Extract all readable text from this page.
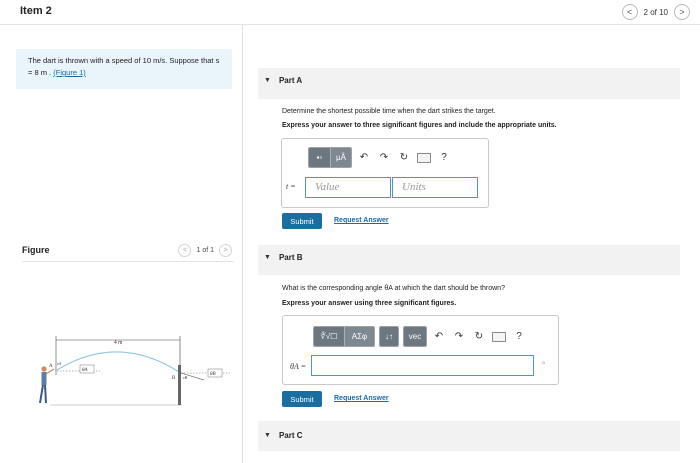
Item 2	< 2 of 10 >
The dart is thrown with a speed of 10 m/s. Suppose that s = 8 m . (Figure 1)
Figure	< 1 of 1 >
4 m
A
vA
θA
B vB
θB
▼ Part A
Determine the shortest possible time when the dart strikes the target.
Express your answer to three significant figures and include the appropriate units.
▪▫	μÅ	↶	↷	↻	?
t =	Value	Units
Submit	Request Answer
▼ Part B
What is the corresponding angle θA at which the dart should be thrown?
Express your answer using three significant figures.
∜√☐	ΑΣφ	↓↑	vec	↶	↷	↻	?
θA =	°
Submit	Request Answer
▼ Part C
